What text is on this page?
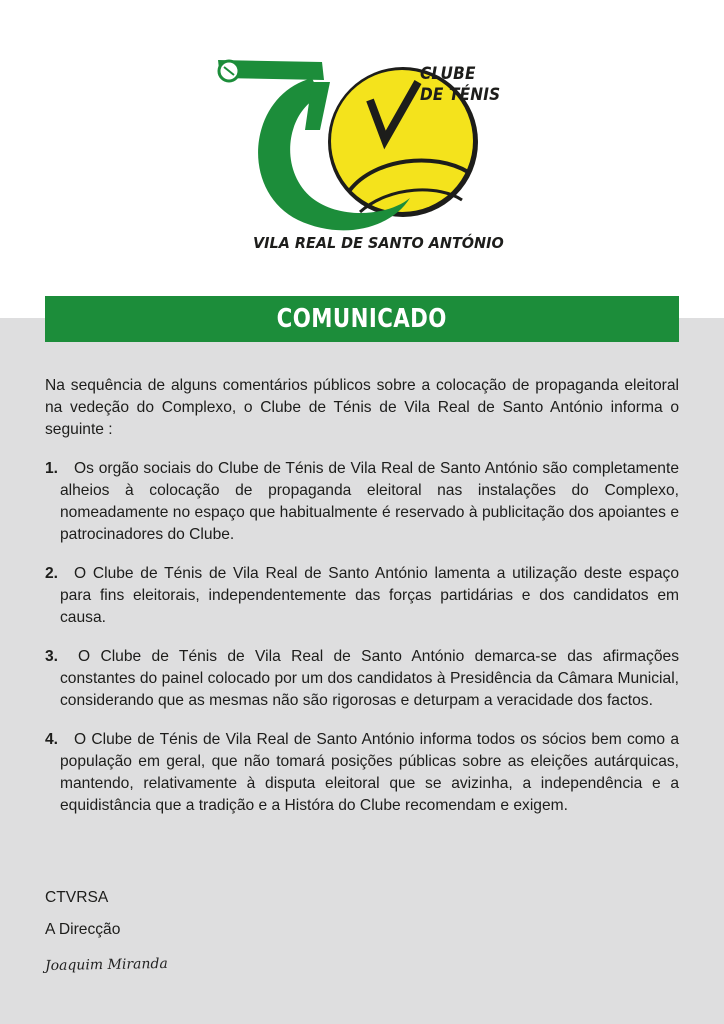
CLUBE
DE TÉNIS
VILA REAL DE SANTO ANTÓNIO
COMUNICADO

Na sequência de alguns comentários públicos sobre a colocação de propaganda eleitoral na vedeção do Complexo, o Clube de Ténis de Vila Real de Santo António informa o seguinte :

1.	Os orgão sociais do Clube de Ténis de Vila Real de Santo António são completamente alheios à colocação de propaganda eleitoral nas instalações do Complexo, nomeadamente no espaço que habitualmente é reservado à publicitação dos apoiantes e patrocinadores do Clube.
2.	O Clube de Ténis de Vila Real de Santo António lamenta a utilização deste espaço para fins eleitorais, independentemente das forças partidárias e dos candidatos em causa.
3.	O Clube de Ténis de Vila Real de Santo António demarca-se das afirmações constantes do painel colocado por um dos candidatos à Presidência da Câmara Municial, considerando que as mesmas não são rigorosas e deturpam a veracidade dos factos.
4.	O Clube de Ténis de Vila Real de Santo António informa todos os sócios bem como a população em geral, que não tomará posições públicas sobre as eleições autárquicas, mantendo, relativamente à disputa eleitoral que se avizinha, a independência e a equidistância que a tradição e a Históra do Clube recomendam e exigem.
CTVRSA
A Direcção
Joaquim Miranda
